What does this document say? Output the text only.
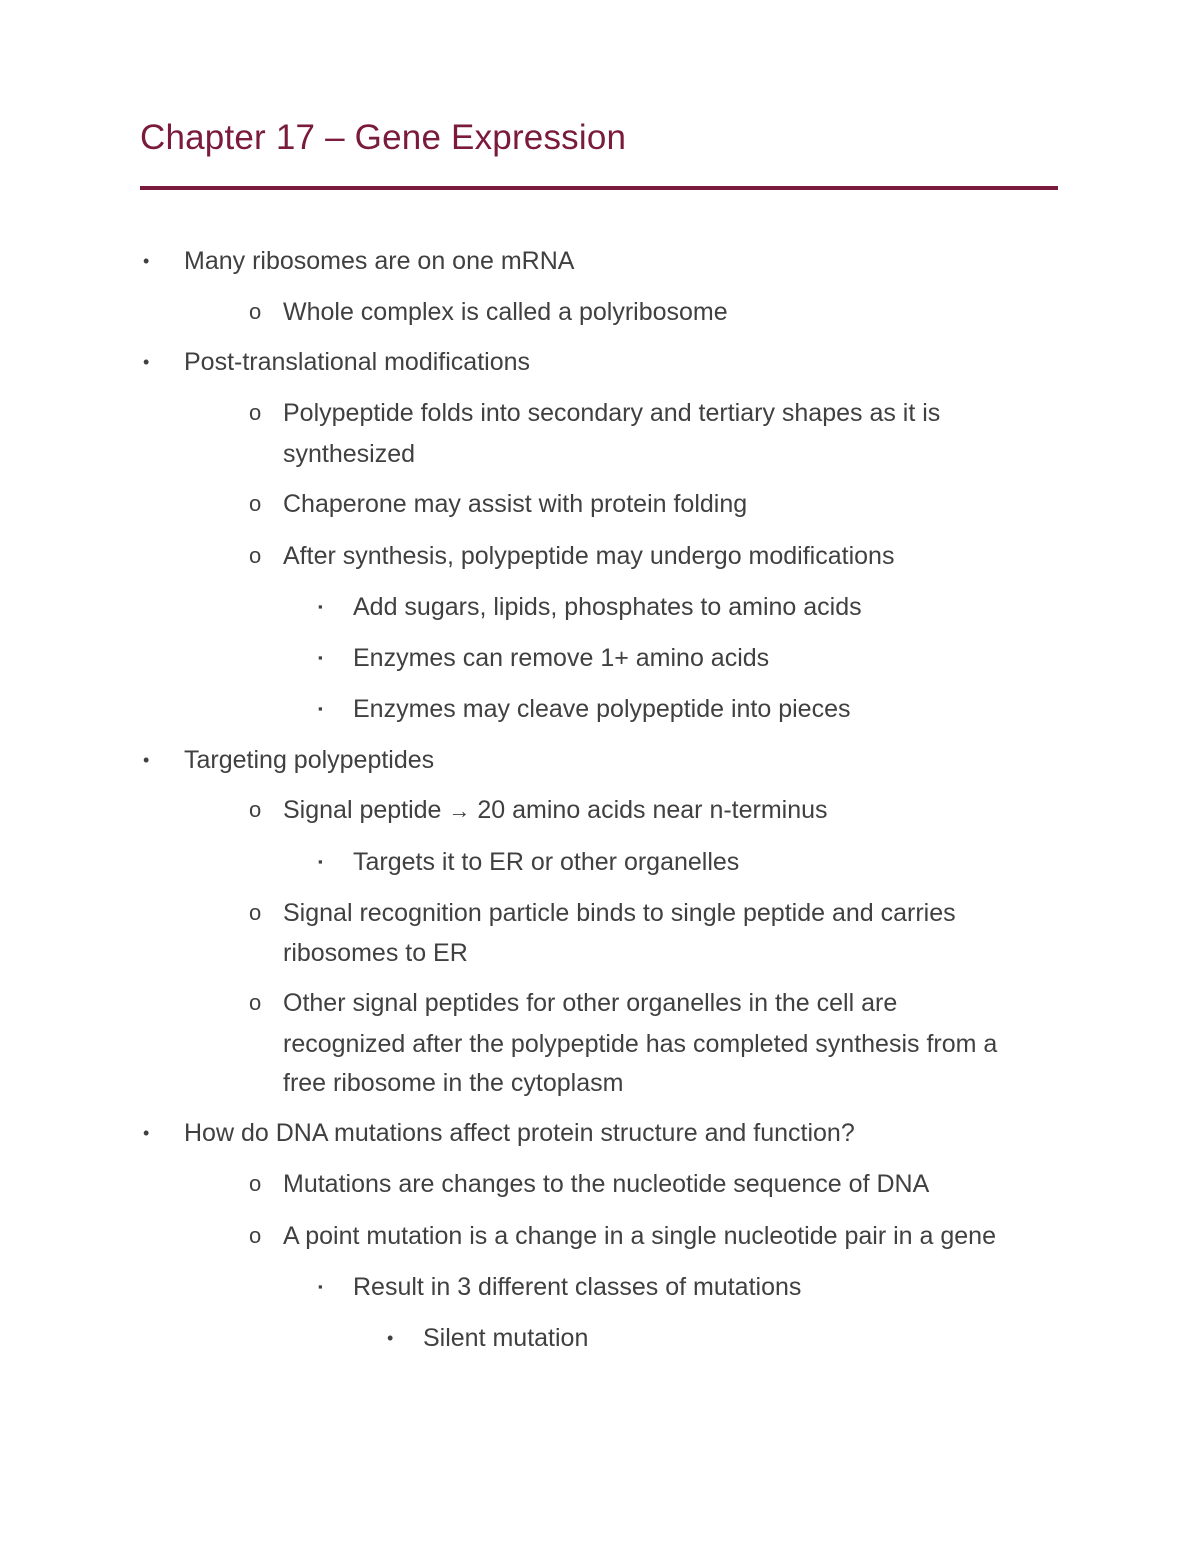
Chapter 17 – Gene Expression
• Many ribosomes are on one mRNA
o Whole complex is called a polyribosome
• Post-translational modifications
o Polypeptide folds into secondary and tertiary shapes as it is
synthesized
o Chaperone may assist with protein folding
o After synthesis, polypeptide may undergo modifications
▪ Add sugars, lipids, phosphates to amino acids
▪ Enzymes can remove 1+ amino acids
▪ Enzymes may cleave polypeptide into pieces
• Targeting polypeptides
o Signal peptide → 20 amino acids near n-terminus
▪ Targets it to ER or other organelles
o Signal recognition particle binds to single peptide and carries
ribosomes to ER
o Other signal peptides for other organelles in the cell are
recognized after the polypeptide has completed synthesis from a
free ribosome in the cytoplasm
• How do DNA mutations affect protein structure and function?
o Mutations are changes to the nucleotide sequence of DNA
o A point mutation is a change in a single nucleotide pair in a gene
▪ Result in 3 different classes of mutations
• Silent mutation
